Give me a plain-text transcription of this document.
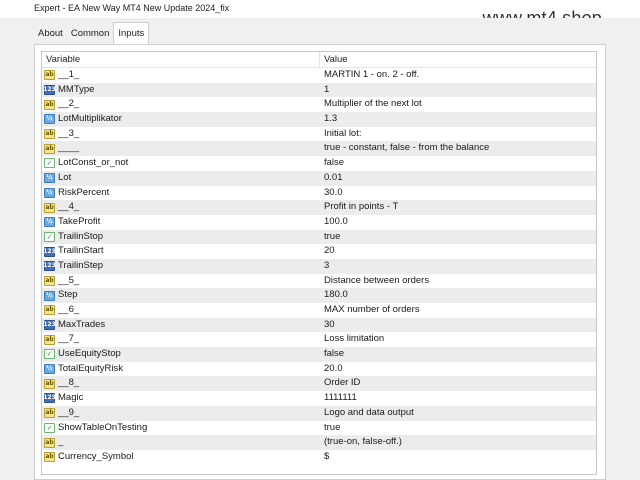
Expert - EA New Way MT4 New Update 2024_fix
About Common Inputs
Variable	Value
ab __1_	MARTIN 1 - on. 2 - off.
123 MMType	1
ab __2_	Multiplier of the next lot
½ LotMultiplikator	1.3
ab __3_	Initial lot:
ab ____	true - constant, false - from the balance
✓ LotConst_or_not	false
½ Lot	0.01
½ RiskPercent	30.0
ab __4_	Profit in points - T
½ TakeProfit	100.0
✓ TrailinStop	true
123 TrailinStart	20
123 TrailinStep	3
ab __5_	Distance between orders
½ Step	180.0
ab __6_	MAX number of orders
123 MaxTrades	30
ab __7_	Loss limitation
✓ UseEquityStop	false
½ TotalEquityRisk	20.0
ab __8_	Order ID
123 Magic	1111111
ab __9_	Logo and data output
✓ ShowTableOnTesting	true
ab _	(true-on, false-off.)
ab Currency_Symbol	$
